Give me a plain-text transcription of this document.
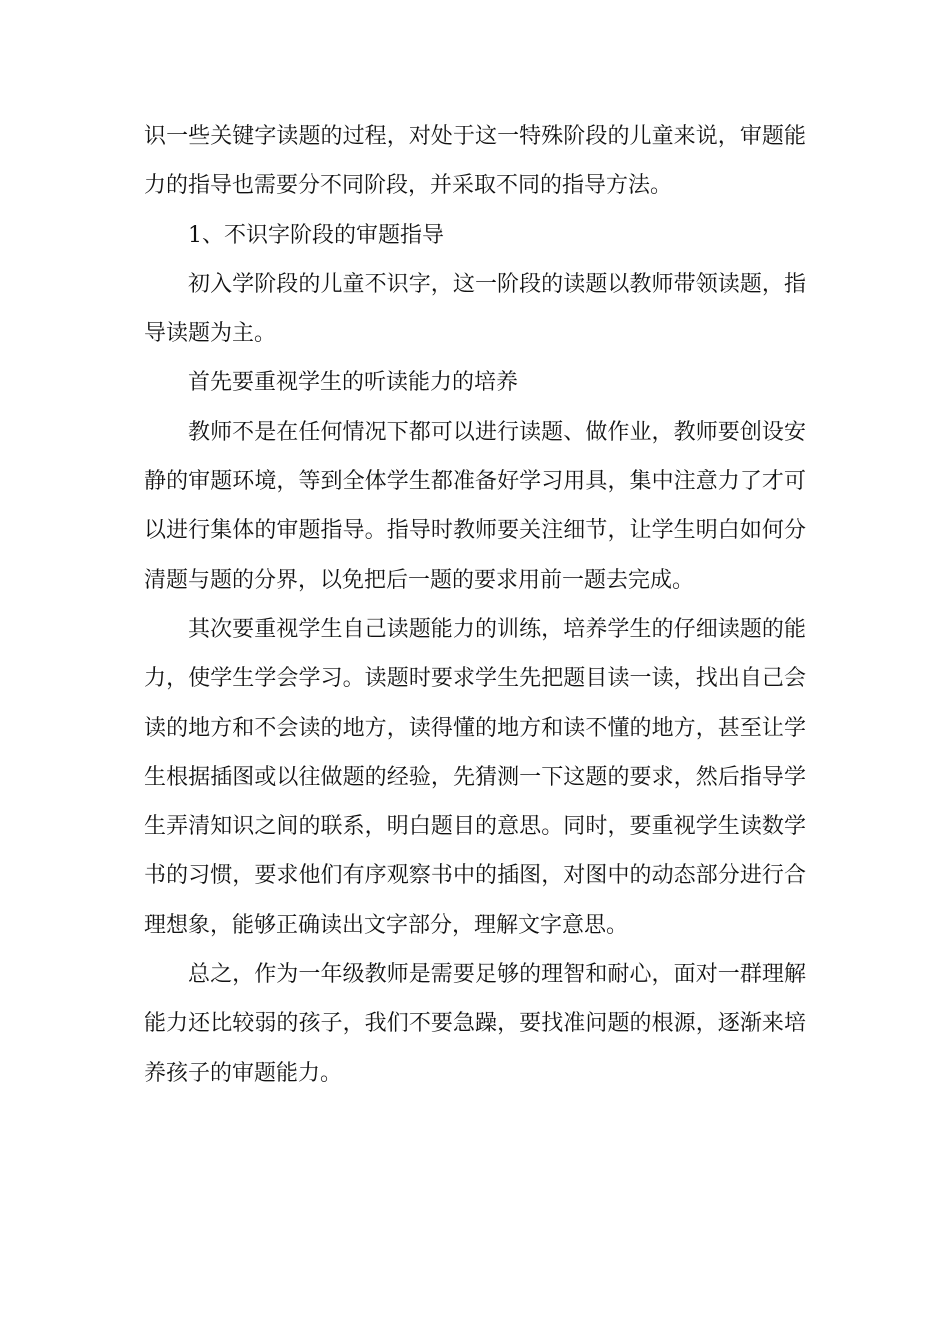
识一些关键字读题的过程，对处于这一特殊阶段的儿童来说，审题能力的指导也需要分不同阶段，并采取不同的指导方法。

1、不识字阶段的审题指导

初入学阶段的儿童不识字，这一阶段的读题以教师带领读题，指导读题为主。

首先要重视学生的听读能力的培养

教师不是在任何情况下都可以进行读题、做作业，教师要创设安静的审题环境，等到全体学生都准备好学习用具，集中注意力了才可以进行集体的审题指导。指导时教师要关注细节，让学生明白如何分清题与题的分界，以免把后一题的要求用前一题去完成。

其次要重视学生自己读题能力的训练，培养学生的仔细读题的能力，使学生学会学习。读题时要求学生先把题目读一读，找出自己会读的地方和不会读的地方，读得懂的地方和读不懂的地方，甚至让学生根据插图或以往做题的经验，先猜测一下这题的要求，然后指导学生弄清知识之间的联系，明白题目的意思。同时，要重视学生读数学书的习惯，要求他们有序观察书中的插图，对图中的动态部分进行合理想象，能够正确读出文字部分，理解文字意思。

总之，作为一年级教师是需要足够的理智和耐心，面对一群理解能力还比较弱的孩子，我们不要急躁，要找准问题的根源，逐渐来培养孩子的审题能力。
